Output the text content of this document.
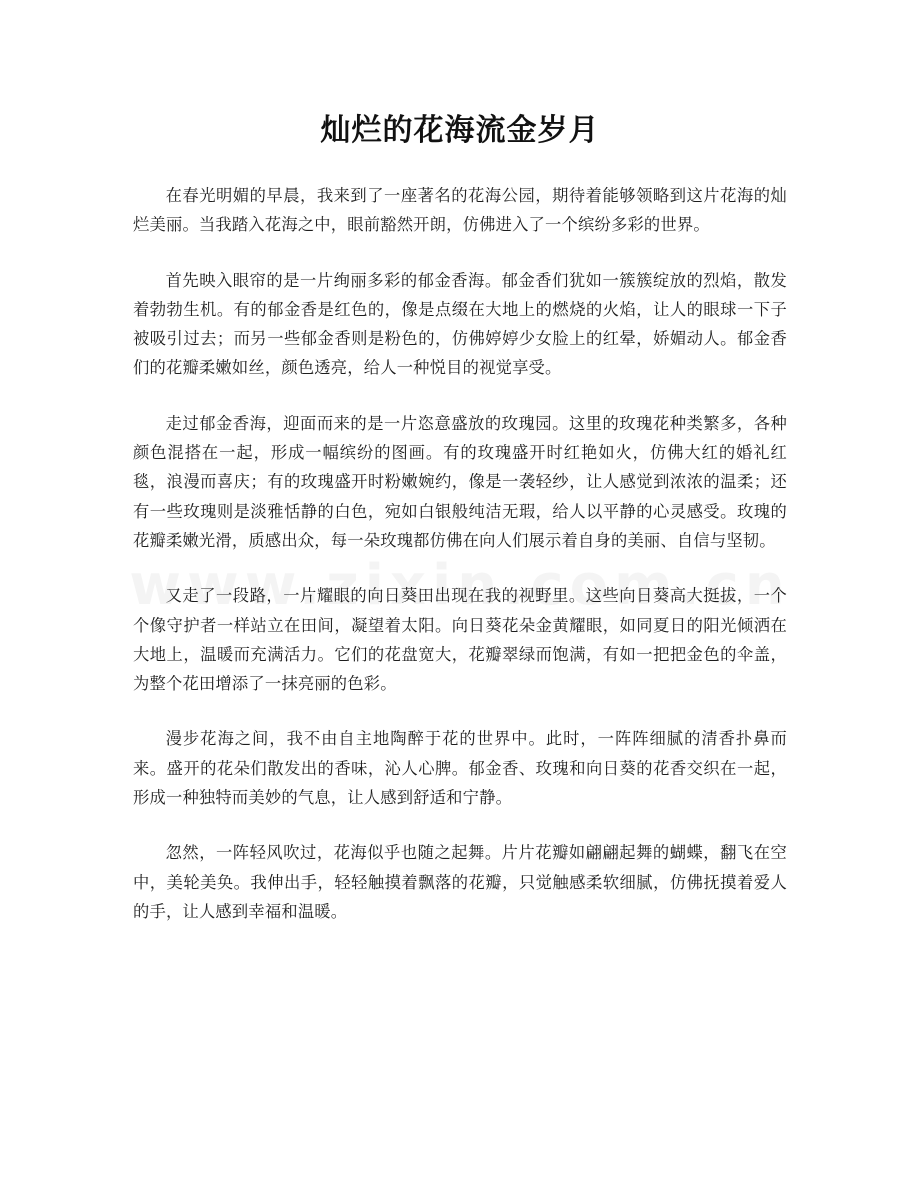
灿烂的花海流金岁月

在春光明媚的早晨，我来到了一座著名的花海公园，期待着能够领略到这片花海的灿烂美丽。当我踏入花海之中，眼前豁然开朗，仿佛进入了一个缤纷多彩的世界。

首先映入眼帘的是一片绚丽多彩的郁金香海。郁金香们犹如一簇簇绽放的烈焰，散发着勃勃生机。有的郁金香是红色的，像是点缀在大地上的燃烧的火焰，让人的眼球一下子被吸引过去；而另一些郁金香则是粉色的，仿佛婷婷少女脸上的红晕，娇媚动人。郁金香们的花瓣柔嫩如丝，颜色透亮，给人一种悦目的视觉享受。

走过郁金香海，迎面而来的是一片恣意盛放的玫瑰园。这里的玫瑰花种类繁多，各种颜色混搭在一起，形成一幅缤纷的图画。有的玫瑰盛开时红艳如火，仿佛大红的婚礼红毯，浪漫而喜庆；有的玫瑰盛开时粉嫩婉约，像是一袭轻纱，让人感觉到浓浓的温柔；还有一些玫瑰则是淡雅恬静的白色，宛如白银般纯洁无瑕，给人以平静的心灵感受。玫瑰的花瓣柔嫩光滑，质感出众，每一朵玫瑰都仿佛在向人们展示着自身的美丽、自信与坚韧。

又走了一段路，一片耀眼的向日葵田出现在我的视野里。这些向日葵高大挺拔，一个个像守护者一样站立在田间，凝望着太阳。向日葵花朵金黄耀眼，如同夏日的阳光倾洒在大地上，温暖而充满活力。它们的花盘宽大，花瓣翠绿而饱满，有如一把把金色的伞盖，为整个花田增添了一抹亮丽的色彩。

漫步花海之间，我不由自主地陶醉于花的世界中。此时，一阵阵细腻的清香扑鼻而来。盛开的花朵们散发出的香味，沁人心脾。郁金香、玫瑰和向日葵的花香交织在一起，形成一种独特而美妙的气息，让人感到舒适和宁静。

忽然，一阵轻风吹过，花海似乎也随之起舞。片片花瓣如翩翩起舞的蝴蝶，翻飞在空中，美轮美奂。我伸出手，轻轻触摸着飘落的花瓣，只觉触感柔软细腻，仿佛抚摸着爱人的手，让人感到幸福和温暖。
